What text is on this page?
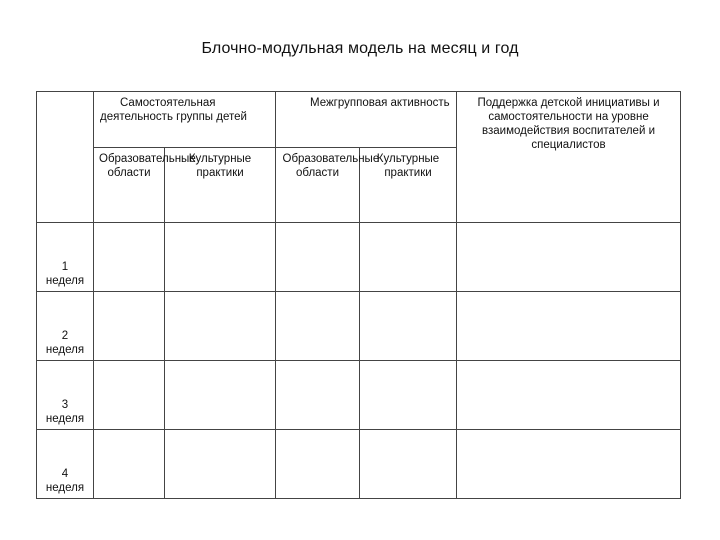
Блочно-модульная модель на месяц и год

	Самостоятельная деятельность группы детей		Межгрупповая активность		Поддержка детской инициативы и самостоятельности на уровне взаимодействия воспитателей и специалистов

	Образовательные области	Культурные практики	Образовательные области	Культурные практики	

1
неделя					

2
неделя					

3
неделя					

4
неделя					
